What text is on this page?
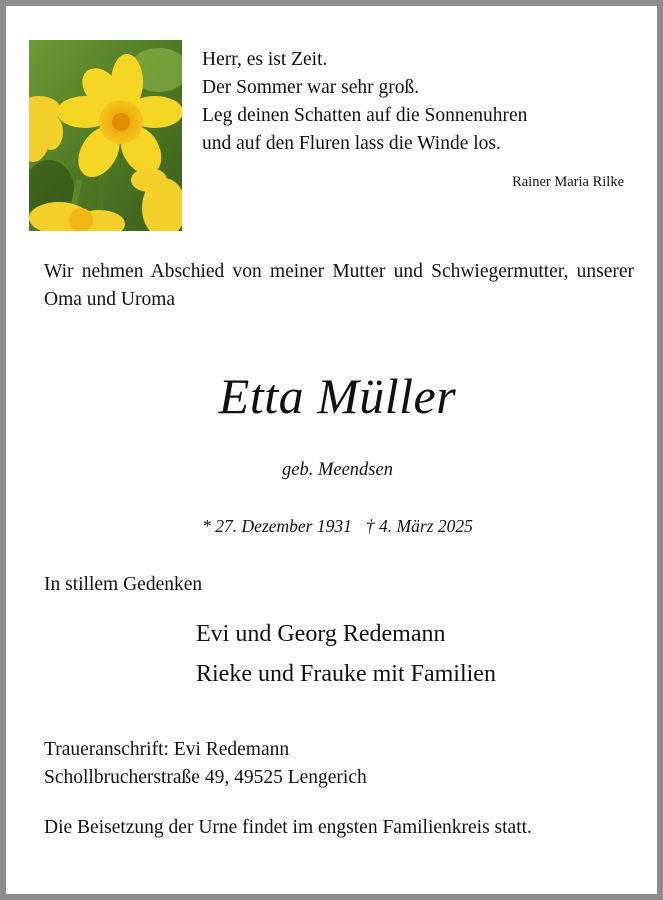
Herr, es ist Zeit.
Der Sommer war sehr groß.
Leg deinen Schatten auf die Sonnenuhren
und auf den Fluren lass die Winde los.
Rainer Maria Rilke
Wir nehmen Abschied von meiner Mutter und Schwiegermutter, unserer Oma und Uroma
Etta Müller
geb. Meendsen
* 27. Dezember 1931 † 4. März 2025
In stillem Gedenken
Evi und Georg Redemann
Rieke und Frauke mit Familien
Traueranschrift: Evi Redemann
Schollbrucherstraße 49, 49525 Lengerich
Die Beisetzung der Urne findet im engsten Familienkreis statt.
